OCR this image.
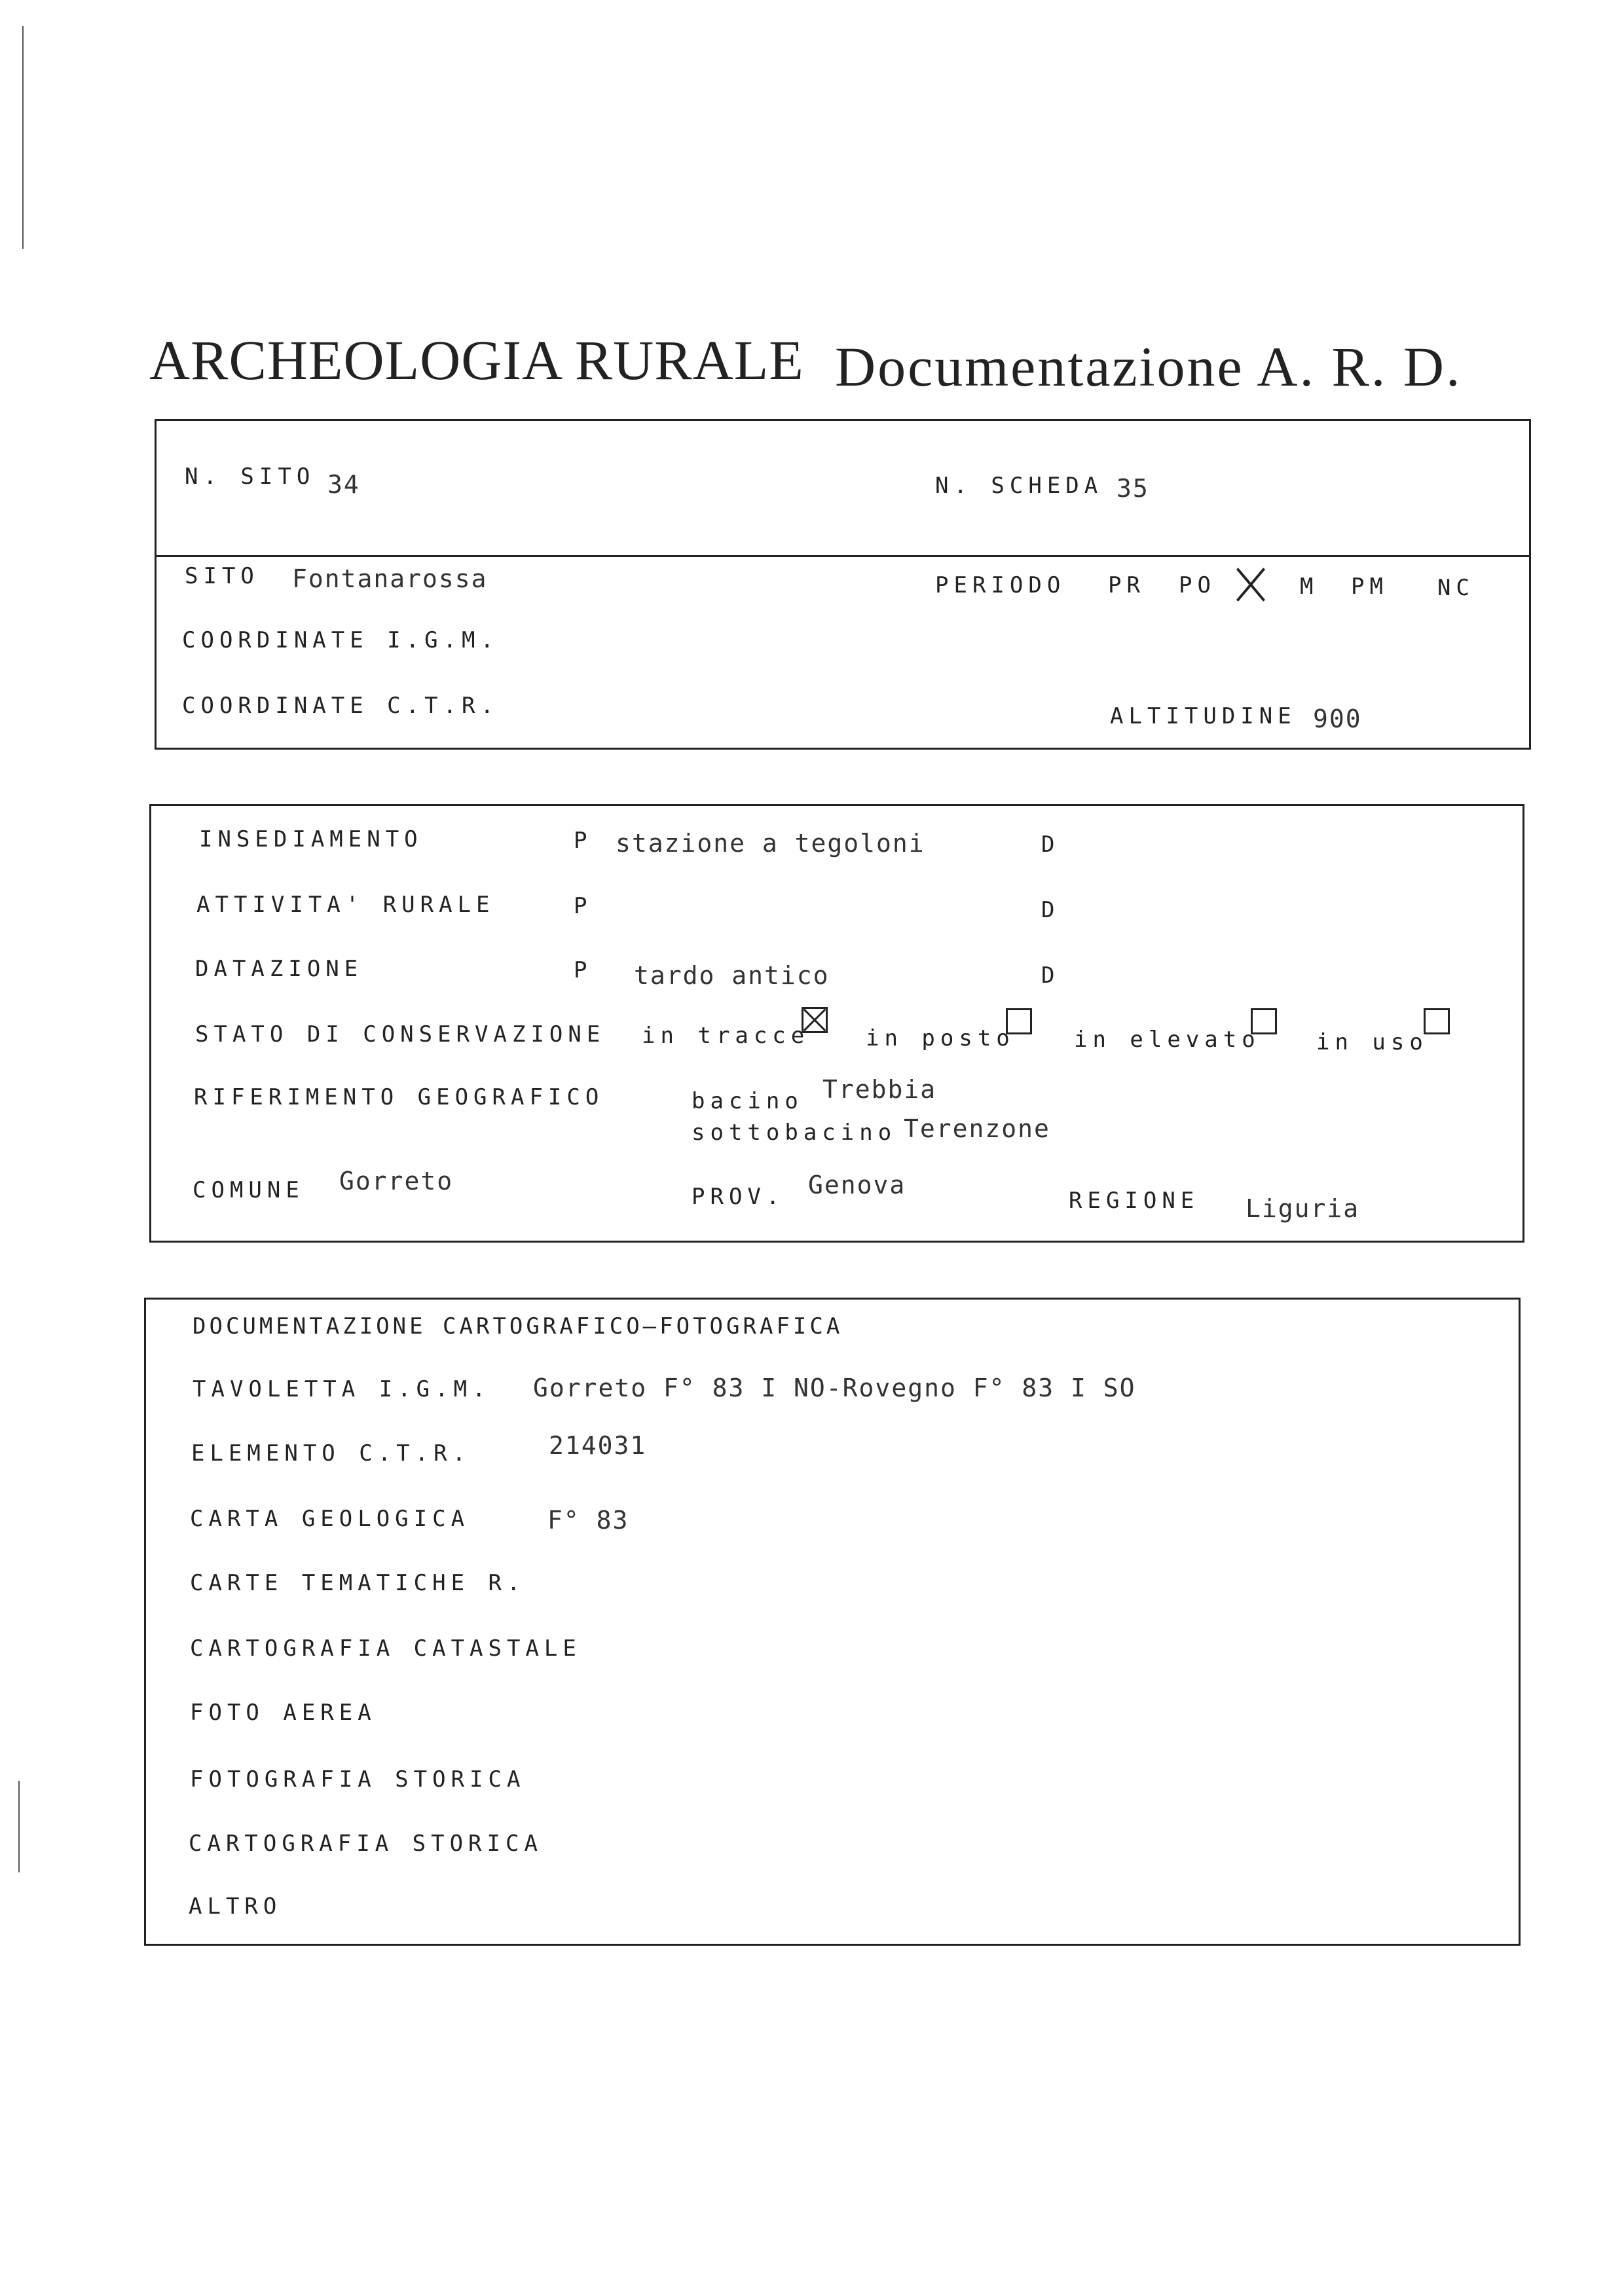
ARCHEOLOGIA RURALE Documentazione A. R. D.
N. SITO 34	N. SCHEDA 35
SITO Fontanarossa	PERIODO PR PO	M PM NC
COORDINATE I.G.M.
COORDINATE C.T.R.	ALTITUDINE 900
INSEDIAMENTO	P stazione a tegoloni	D
ATTIVITA' RURALE	P	D
DATAZIONE	P tardo antico	D
STATO DI CONSERVAZIONE in tracce	in posto	in elevato	in uso
RIFERIMENTO GEOGRAFICO	bacino Trebbia
sottobacino Terenzone
COMUNE Gorreto
PROV. Genova
REGIONE Liguria
DOCUMENTAZIONE CARTOGRAFICO—FOTOGRAFICA
TAVOLETTA I.G.M. Gorreto F° 83 I NO-Rovegno F° 83 I SO
ELEMENTO C.T.R.	214031
CARTA GEOLOGICA	F° 83
CARTE TEMATICHE R.
CARTOGRAFIA CATASTALE
FOTO AEREA
FOTOGRAFIA STORICA
CARTOGRAFIA STORICA
ALTRO
